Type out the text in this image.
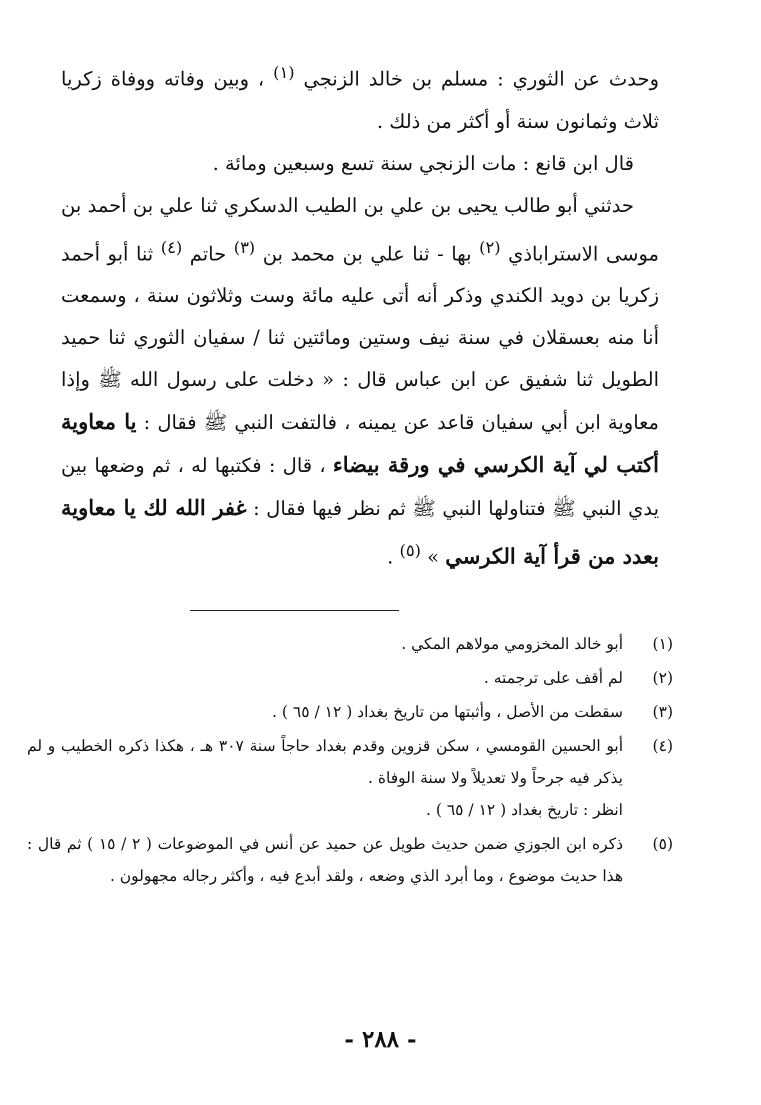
وحدث عن الثوري : مسلم بن خالد الزنجي $^{(١)}$ ، وبين وفاته ووفاة زكريا ثلاث وثمانون سنة أو أكثر من ذلك .

قال ابن قانع : مات الزنجي سنة تسع وسبعين ومائة .

حدثني أبو طالب يحيى بن علي بن الطيب الدسكري ثنا علي بن أحمد بن موسى الاستراباذي $^{(٢)}$ بها - ثنا علي بن محمد بن $^{(٣)}$ حاتم $^{(٤)}$ ثنا أبو أحمد زكريا بن دويد الكندي وذكر أنه أتى عليه مائة وست وثلاثون سنة ، وسمعت أنا منه بعسقلان في سنة نيف وستين ومائتين ثنا / سفيان الثوري ثنا حميد الطويل ثنا شفيق عن ابن عباس قال : « دخلت على رسول الله ﷺ وإذا معاوية ابن أبي سفيان قاعد عن يمينه ، فالتفت النبي ﷺ فقال : يا معاوية أكتب لي آية الكرسي في ورقة بيضاء ، قال : فكتبها له ، ثم وضعها بين يدي النبي ﷺ فتناولها النبي ﷺ ثم نظر فيها فقال : غفر الله لك يا معاوية بعدد من قرأ آية الكرسي » $^{(٥)}$ .

(١)
أبو خالد المخزومي مولاهم المكي .
(٢)
لم أقف على ترجمته .
(٣)
سقطت من الأصل ، وأثبتها من تاريخ بغداد ( ١٢ / ٦٥ ) .
(٤)
أبو الحسين القومسي ، سكن قزوين وقدم بغداد حاجاً سنة ٣٠٧ هـ ، هكذا ذكره الخطيب و لم يذكر فيه جرحاً ولا تعديلاً ولا سنة الوفاة .
انظر : تاريخ بغداد ( ١٢ / ٦٥ ) .
(٥)
ذكره ابن الجوزي ضمن حديث طويل عن حميد عن أنس في الموضوعات ( ٢ / ١٥ ) ثم قال : هذا حديث موضوع ، وما أبرد الذي وضعه ، ولقد أبدع فيه ، وأكثر رجاله مجهولون .
- ٢٨٨ -
